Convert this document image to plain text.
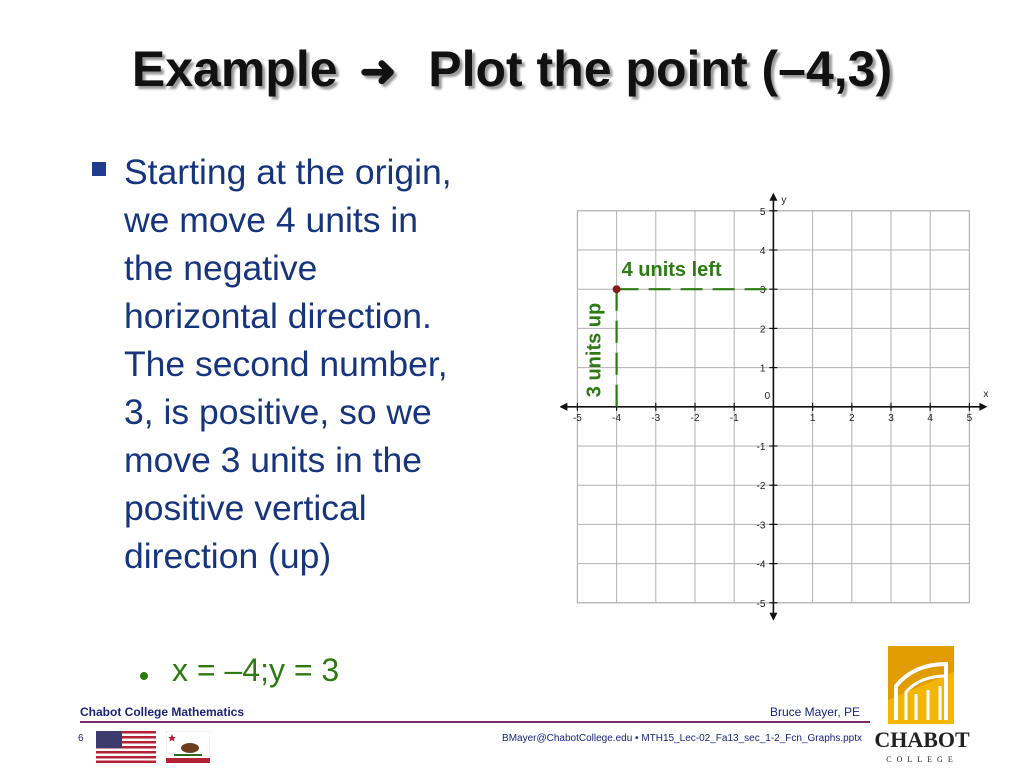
Example ➜ Plot the point (–4,3)
Starting at the origin,
we move 4 units in
the negative
horizontal direction.
The second number,
3, is positive, so we
move 3 units in the
positive vertical
direction (up)
x = –4;y = 3
-5	-4	-3	-2	-1
0
1	2	3	4	5
5
4
3
2
1
-1
-2
-3
-4
-5
x
y
4 units left
3 units up
Chabot College Mathematics	Bruce Mayer, PE
6	BMayer@ChabotCollege.edu • MTH15_Lec-02_Fa13_sec_1-2_Fcn_Graphs.pptx CHABOT
COLLEGE
